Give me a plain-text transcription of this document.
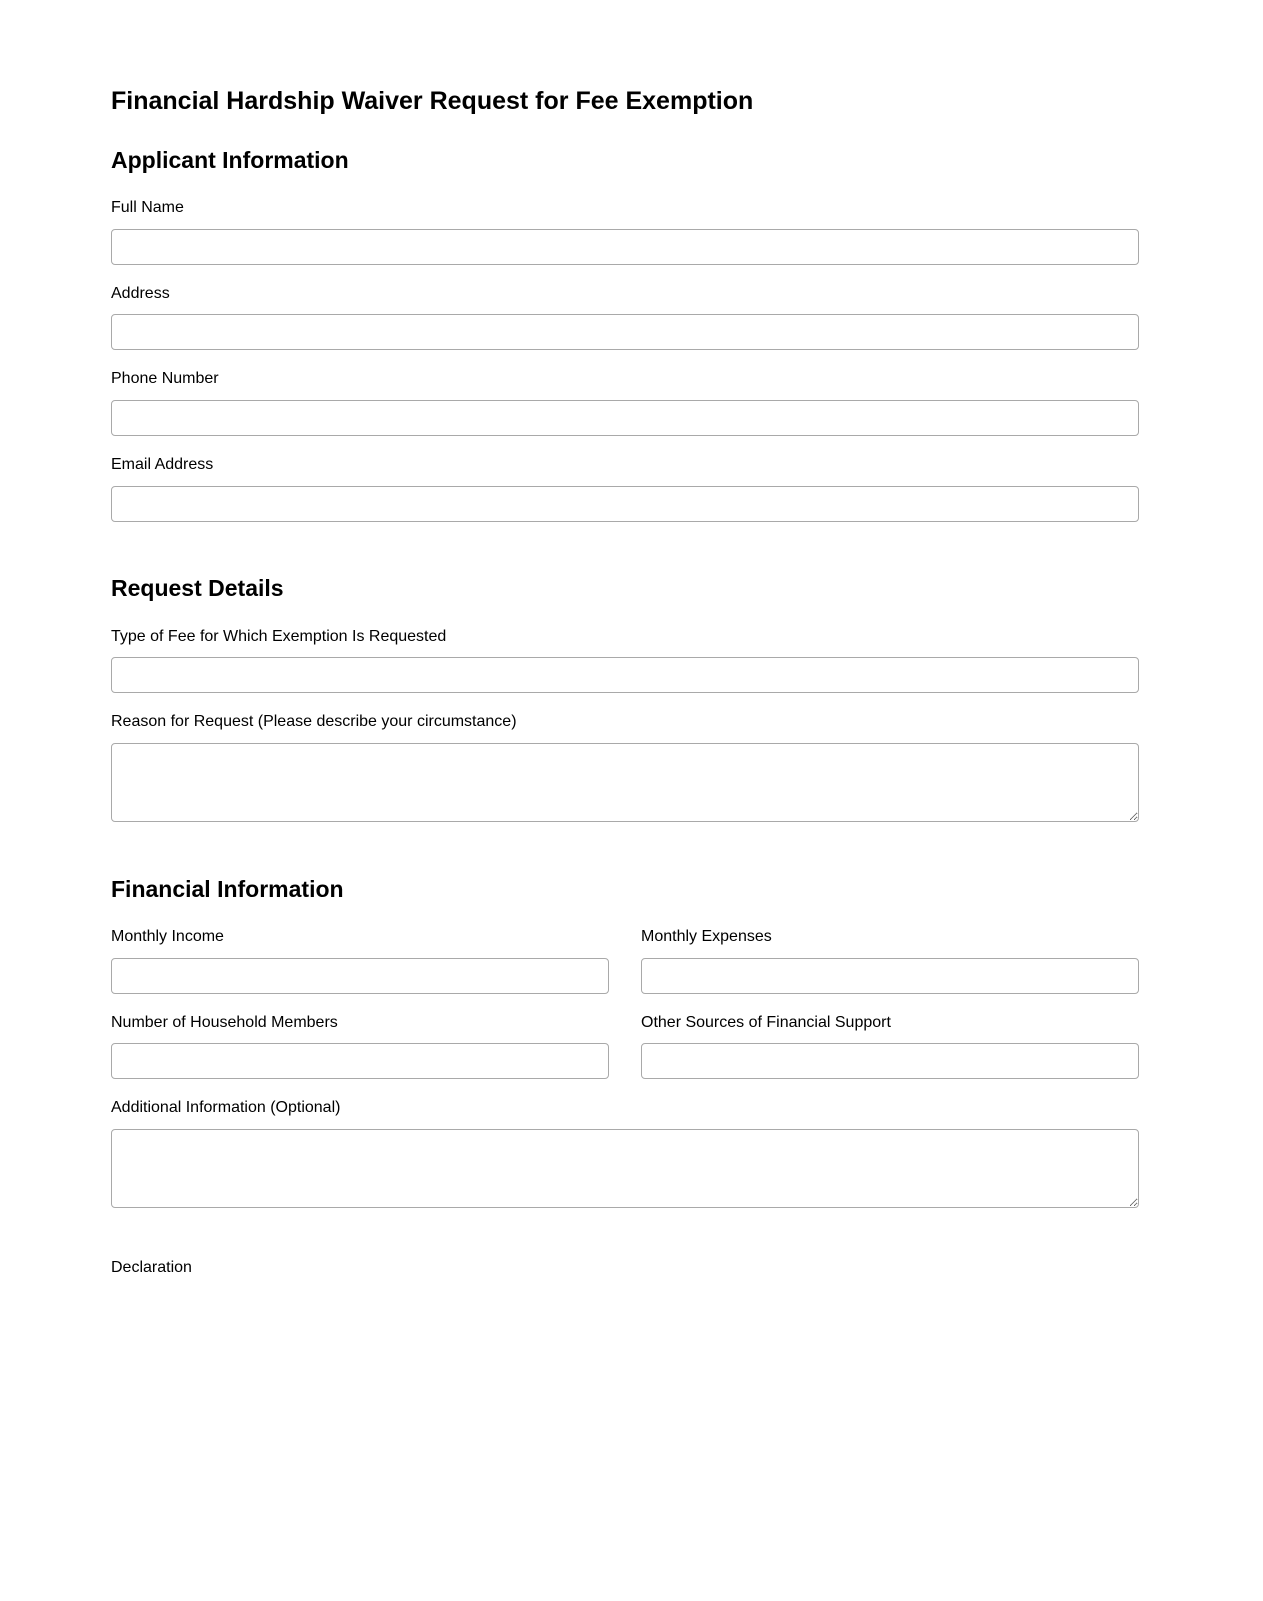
Financial Hardship Waiver Request for Fee Exemption
Applicant Information
Full Name
Address
Phone Number
Email Address
Request Details
Type of Fee for Which Exemption Is Requested
Reason for Request (Please describe your circumstance)
Financial Information
Monthly Income	Monthly Expenses
Number of Household Members	Other Sources of Financial Support
Additional Information (Optional)
Declaration
